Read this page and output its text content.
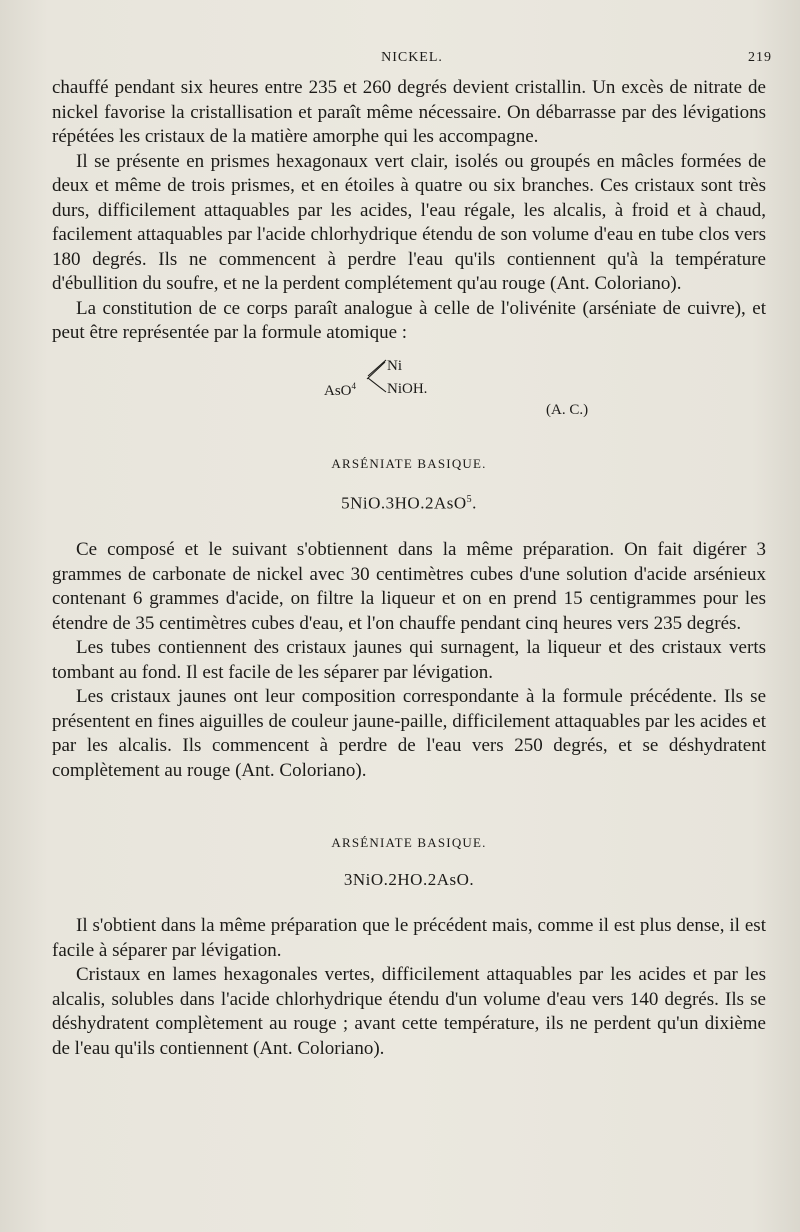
NICKEL.	219

chauffé pendant six heures entre 235 et 260 degrés devient cristallin. Un excès de nitrate de nickel favorise la cristallisation et paraît même nécessaire. On débarrasse par des lévigations répétées les cristaux de la matière amorphe qui les accompagne.

Il se présente en prismes hexagonaux vert clair, isolés ou groupés en mâcles formées de deux et même de trois prismes, et en étoiles à quatre ou six branches. Ces cristaux sont très durs, difficilement attaquables par les acides, l'eau régale, les alcalis, à froid et à chaud, facilement attaquables par l'acide chlorhydrique étendu de son volume d'eau en tube clos vers 180 degrés. Ils ne commencent à perdre l'eau qu'ils contiennent qu'à la température d'ébullition du soufre, et ne la perdent complétement qu'au rouge (Ant. Coloriano).

La constitution de ce corps paraît analogue à celle de l'olivénite (arséniate de cuivre), et peut être représentée par la formule atomique :

AsO$^4$
Ni
NiOH.
(A. C.)
ARSÉNIATE BASIQUE.
5NiO.3HO.2AsO$^5$.

Ce composé et le suivant s'obtiennent dans la même préparation. On fait digérer 3 grammes de carbonate de nickel avec 30 centimètres cubes d'une solution d'acide arsénieux contenant 6 grammes d'acide, on filtre la liqueur et on en prend 15 centigrammes pour les étendre de 35 centimètres cubes d'eau, et l'on chauffe pendant cinq heures vers 235 degrés.

Les tubes contiennent des cristaux jaunes qui surnagent, la liqueur et des cristaux verts tombant au fond. Il est facile de les séparer par lévigation.

Les cristaux jaunes ont leur composition correspondante à la formule précédente. Ils se présentent en fines aiguilles de couleur jaune-paille, difficilement attaquables par les acides et par les alcalis. Ils commencent à perdre de l'eau vers 250 degrés, et se déshydratent complètement au rouge (Ant. Coloriano).

ARSÉNIATE BASIQUE.
3NiO.2HO.2AsO.

Il s'obtient dans la même préparation que le précédent mais, comme il est plus dense, il est facile à séparer par lévigation.

Cristaux en lames hexagonales vertes, difficilement attaquables par les acides et par les alcalis, solubles dans l'acide chlorhydrique étendu d'un volume d'eau vers 140 degrés. Ils se déshydratent complètement au rouge ; avant cette température, ils ne perdent qu'un dixième de l'eau qu'ils contiennent (Ant. Coloriano).
